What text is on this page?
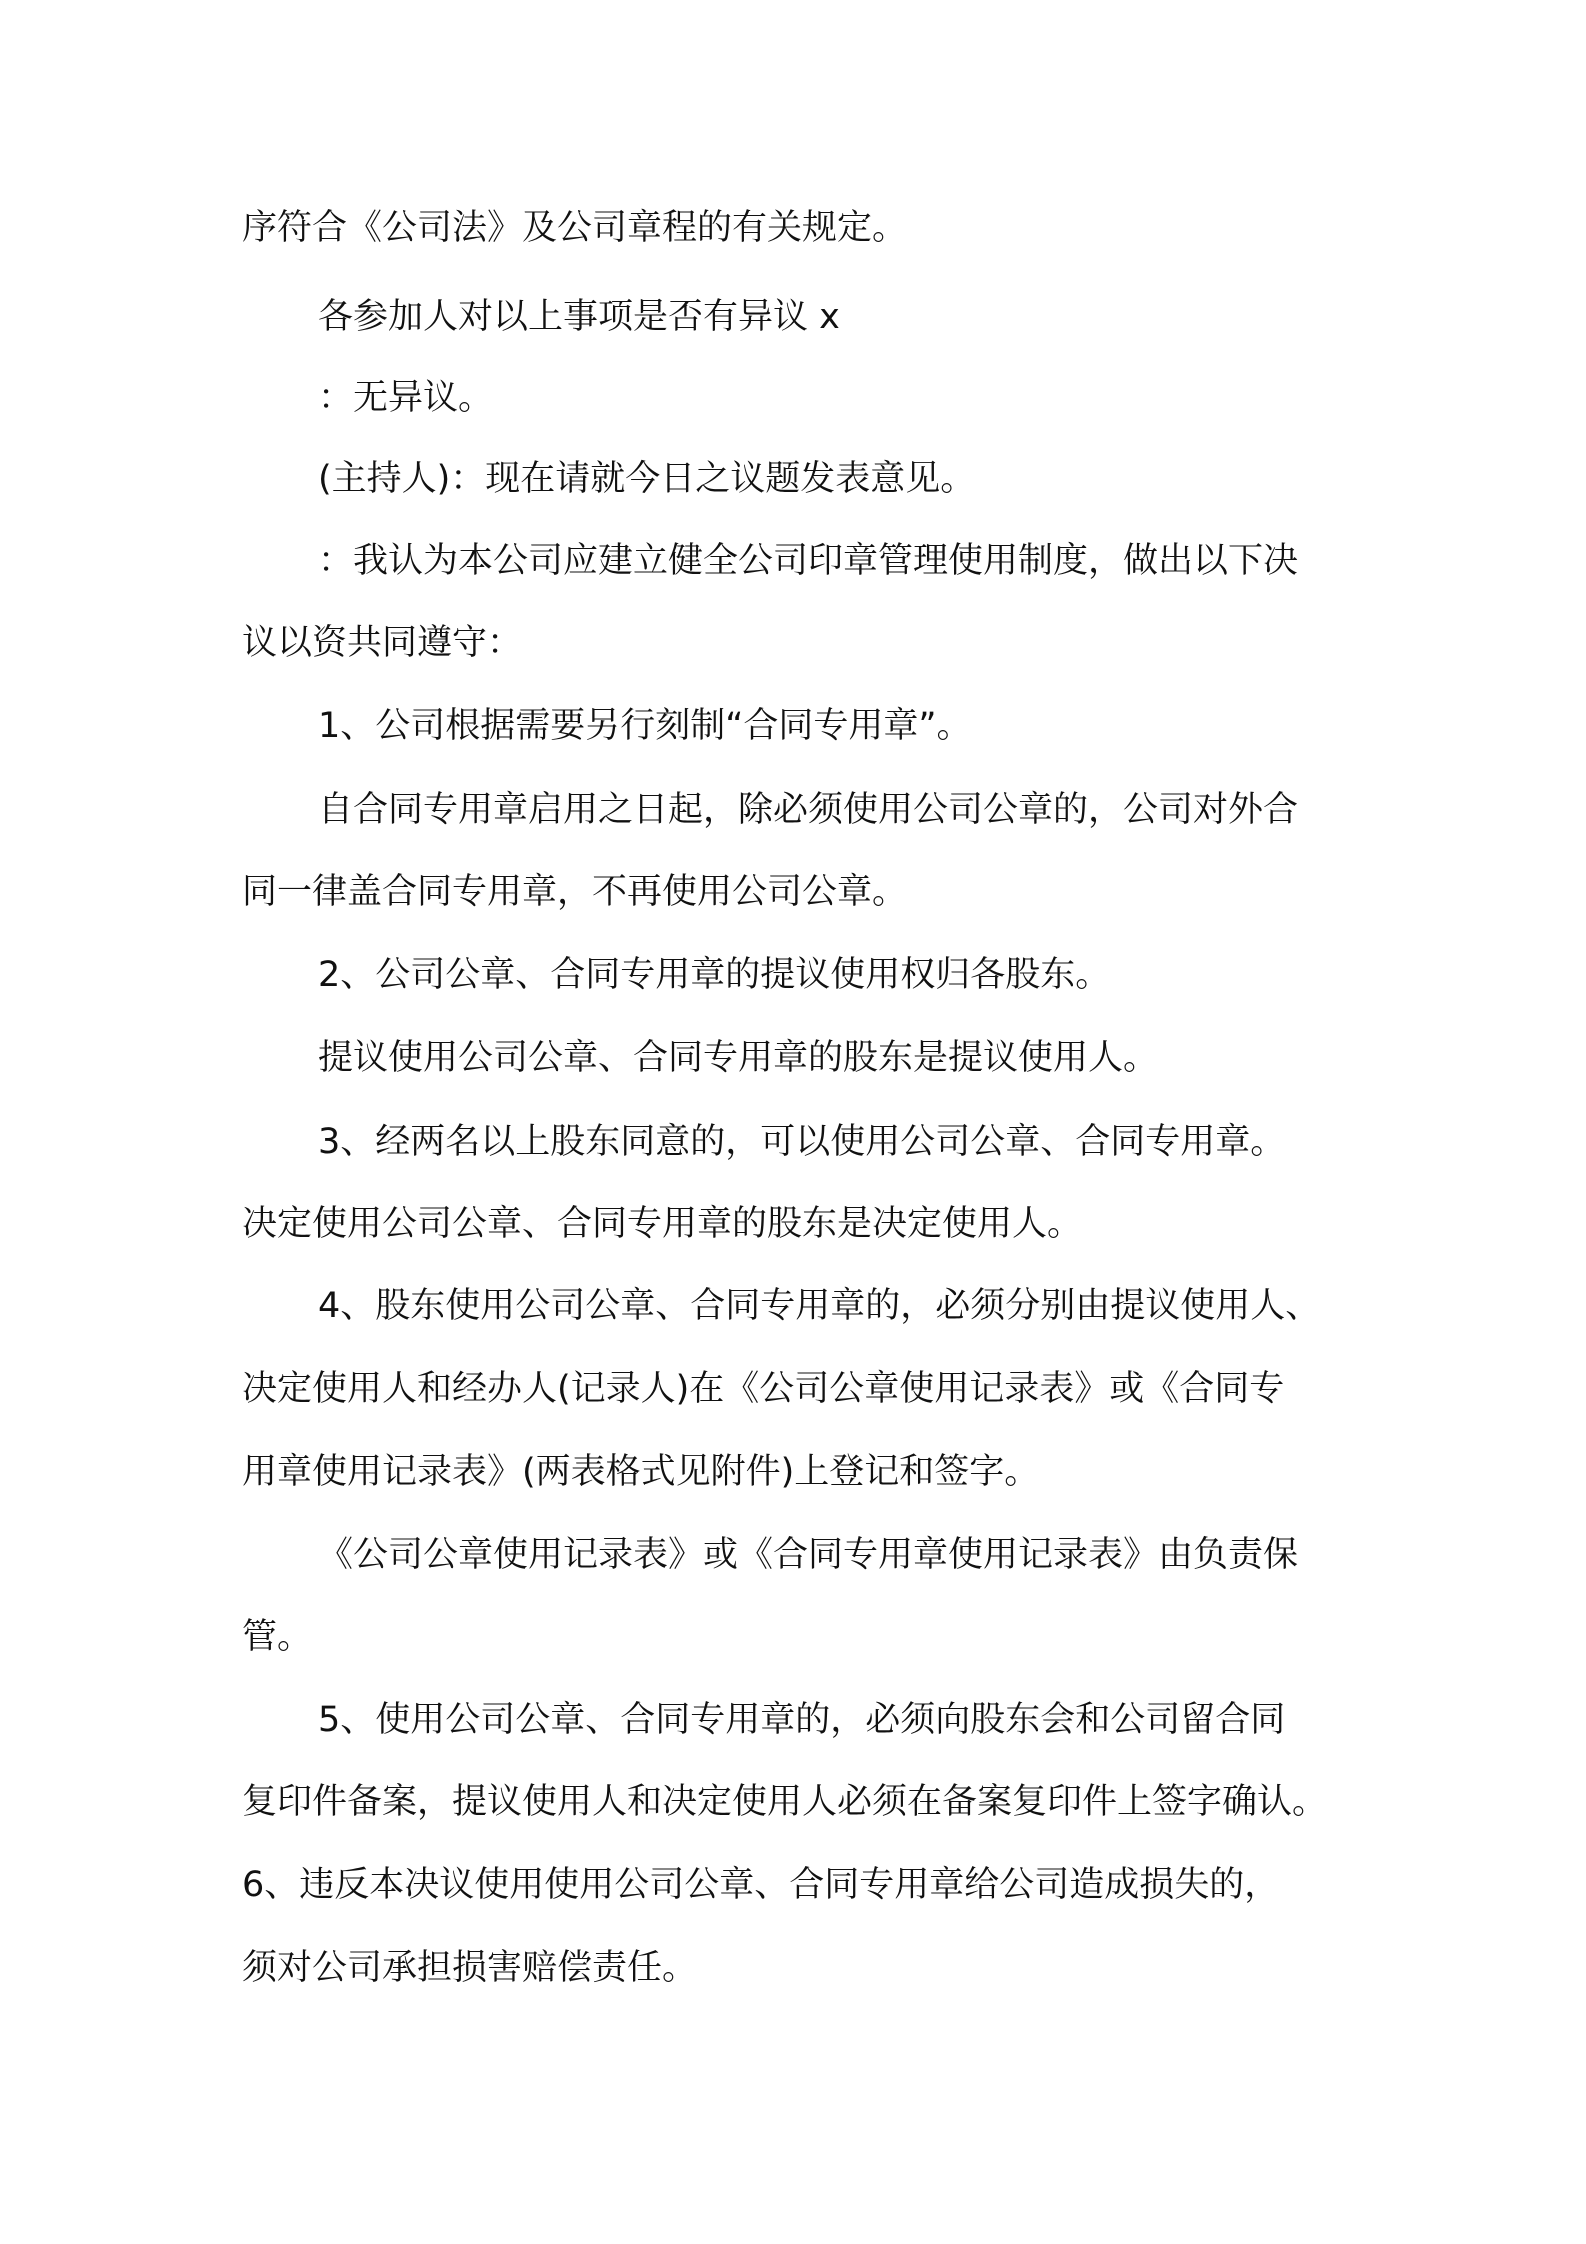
序符合《公司法》及公司章程的有关规定。
各参加人对以上事项是否有异议 x
：无异议。
(主持人)：现在请就今日之议题发表意见。
：我认为本公司应建立健全公司印章管理使用制度，做出以下决
议以资共同遵守：
1、公司根据需要另行刻制“合同专用章”。
自合同专用章启用之日起，除必须使用公司公章的，公司对外合
同一律盖合同专用章，不再使用公司公章。
2、公司公章、合同专用章的提议使用权归各股东。
提议使用公司公章、合同专用章的股东是提议使用人。
3、经两名以上股东同意的，可以使用公司公章、合同专用章。
决定使用公司公章、合同专用章的股东是决定使用人。
4、股东使用公司公章、合同专用章的，必须分别由提议使用人、
决定使用人和经办人(记录人)在《公司公章使用记录表》或《合同专
用章使用记录表》(两表格式见附件)上登记和签字。
《公司公章使用记录表》或《合同专用章使用记录表》由负责保
管。
5、使用公司公章、合同专用章的，必须向股东会和公司留合同
复印件备案，提议使用人和决定使用人必须在备案复印件上签字确认。
6、违反本决议使用使用公司公章、合同专用章给公司造成损失的，
须对公司承担损害赔偿责任。
